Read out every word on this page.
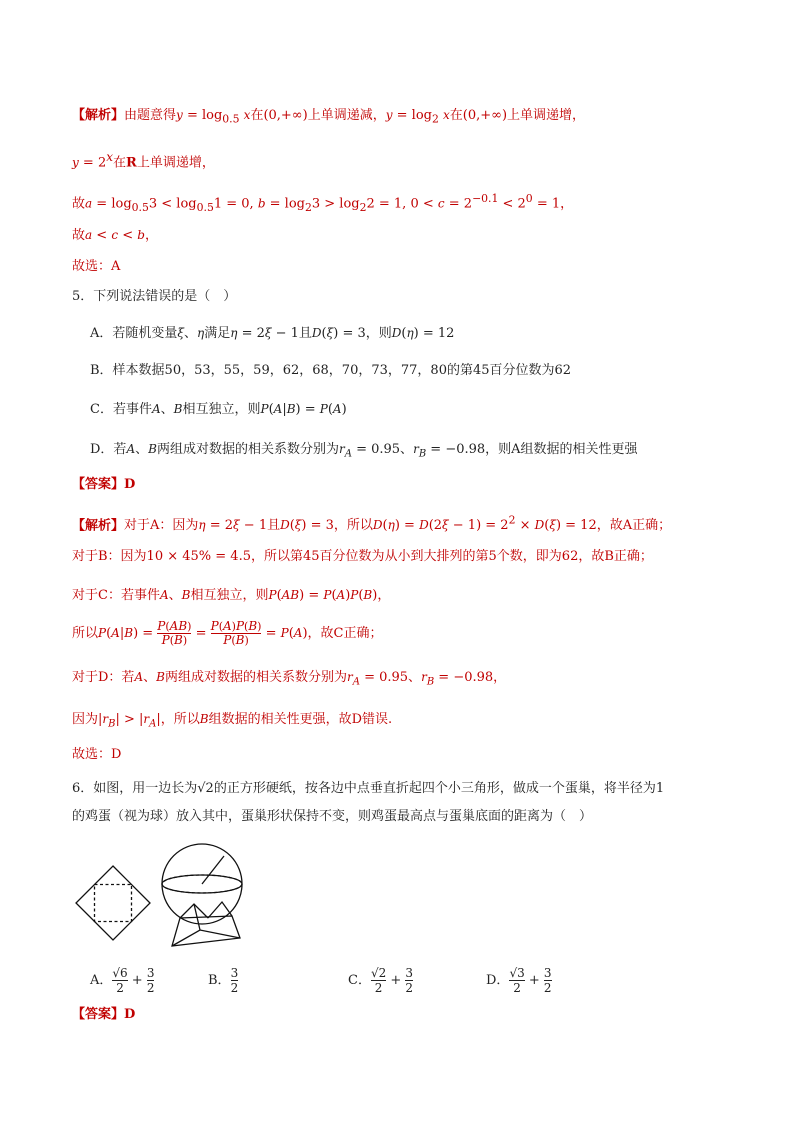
【解析】由题意得$y = \log_{0.5} x$在(0,+∞)上单调递减，$y = \log_2 x$在(0,+∞)上单调递增，
$y = 2^x$在R上单调递增，
故$a = \log_{0.5}3 < \log_{0.5}1 = 0$, $b = \log_23 > \log_22 = 1$, $0 < c = 2^{-0.1} < 2^0 = 1$，
故a < c < b，
故选：A
5．下列说法错误的是（　）
A．若随机变量ξ、η满足η = 2ξ − 1且D(ξ) = 3，则D(η) = 12
B．样本数据50，53，55，59，62，68，70，73，77，80的第45百分位数为62
C．若事件A、B相互独立，则P(A|B) = P(A)
D．若A、B两组成对数据的相关系数分别为$r_A = 0.95$、$r_B = -0.98$，则A组数据的相关性更强
【答案】D
【解析】对于A：因为η = 2ξ − 1且D(ξ) = 3，所以$D(\eta) = D(2\xi - 1) = 2^2 \times D(\xi) = 12$，故A正确；
对于B：因为10 × 45% = 4.5，所以第45百分位数为从小到大排列的第5个数，即为62，故B正确；
对于C：若事件A、B相互独立，则P(AB) = P(A)P(B)，
所以$P(A|B) = \frac{P(AB)}{P(B)} = \frac{P(A)P(B)}{P(B)} = P(A)$，故C正确；
对于D：若A、B两组成对数据的相关系数分别为$r_A = 0.95$、$r_B = -0.98$，
因为$|r_B| > |r_A|$，所以B组数据的相关性更强，故D错误.
故选：D
6．如图，用一边长为√2的正方形硬纸，按各边中点垂直折起四个小三角形，做成一个蛋巢，将半径为1
的鸡蛋（视为球）放入其中，蛋巢形状保持不变，则鸡蛋最高点与蛋巢底面的距离为（　）
A． $\frac{√6}{2} + \frac{3}{2}$	B． $\frac{3}{2}$	C． $\frac{√2}{2} + \frac{3}{2}$	D． $\frac{√3}{2} + \frac{3}{2}$
【答案】D
